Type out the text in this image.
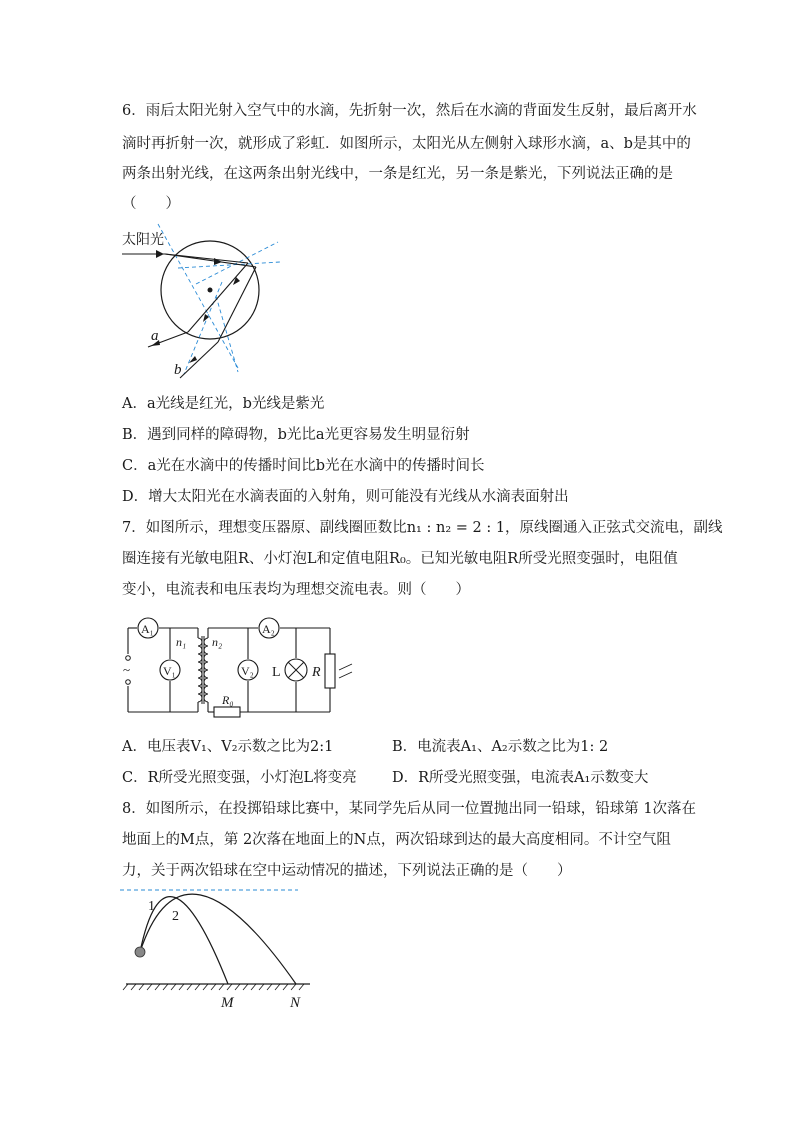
6．雨后太阳光射入空气中的水滴，先折射一次，然后在水滴的背面发生反射，最后离开水
滴时再折射一次，就形成了彩虹．如图所示，太阳光从左侧射入球形水滴，a、b是其中的
两条出射光线，在这两条出射光线中，一条是红光，另一条是紫光，下列说法正确的是
（　　）
太阳光
a
b
A．a光线是红光，b光线是紫光
B．遇到同样的障碍物，b光比a光更容易发生明显衍射
C．a光在水滴中的传播时间比b光在水滴中的传播时间长
D．增大太阳光在水滴表面的入射角，则可能没有光线从水滴表面射出
7．如图所示，理想变压器原、副线圈匝数比n₁ : n₂ = 2 : 1，原线圈通入正弦式交流电，副线
圈连接有光敏电阻R、小灯泡L和定值电阻R₀。已知光敏电阻R所受光照变强时，电阻值
变小，电流表和电压表均为理想交流电表。则（　　）
~
A₁
V₁
A₂
V₂ L R
R₀
n₁ n₂
A．电压表V₁、V₂示数之比为2:1	B．电流表A₁、A₂示数之比为1: 2
C．R所受光照变强，小灯泡L将变亮 D．R所受光照变强，电流表A₁示数变大
8．如图所示，在投掷铅球比赛中，某同学先后从同一位置抛出同一铅球，铅球第 1次落在
地面上的M点，第 2次落在地面上的N点，两次铅球到达的最大高度相同。不计空气阻
力，关于两次铅球在空中运动情况的描述，下列说法正确的是（　　）
1
2
M	N
